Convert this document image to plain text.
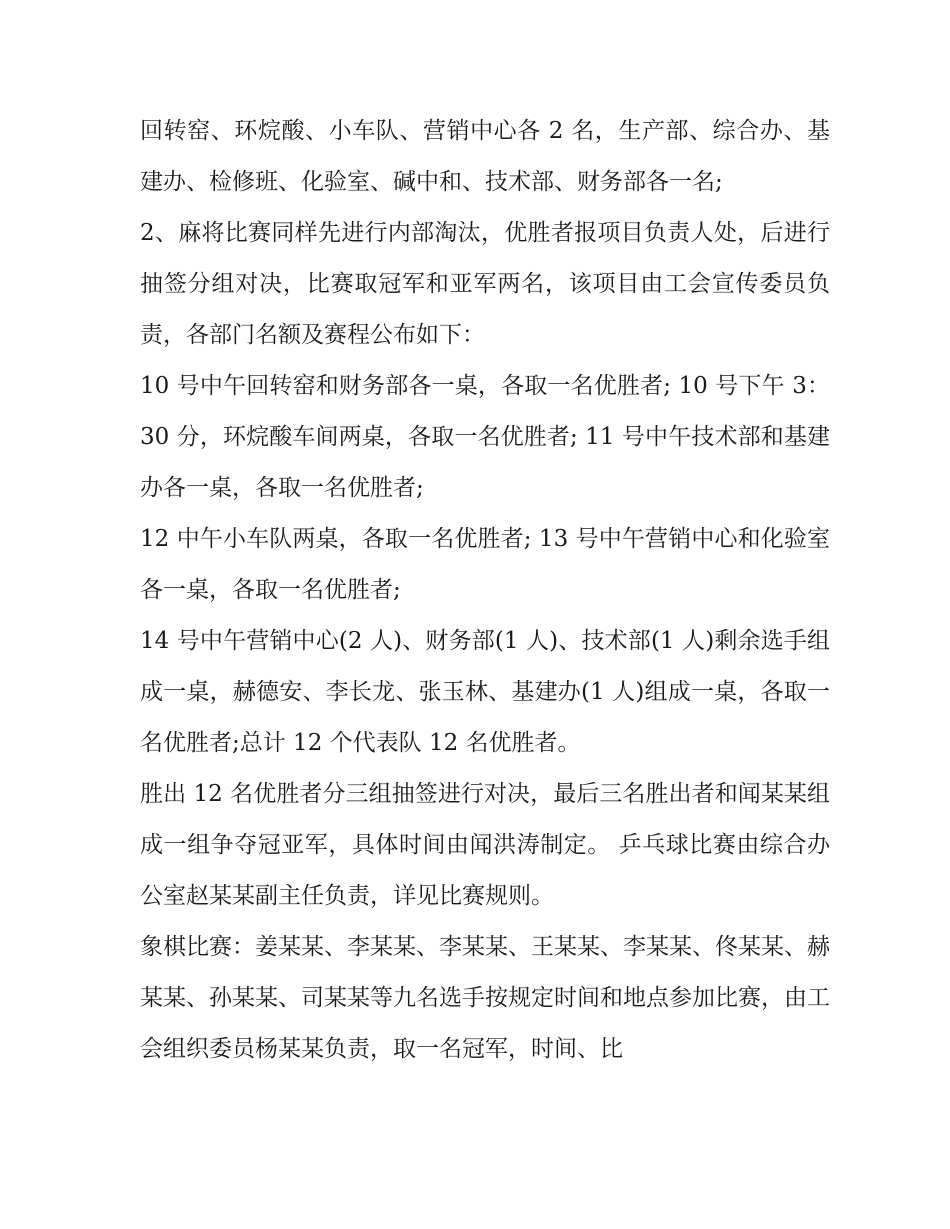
回转窑、环烷酸、小车队、营销中心各 2 名，生产部、综合办、基建办、检修班、化验室、碱中和、技术部、财务部各一名;

2、麻将比赛同样先进行内部淘汰，优胜者报项目负责人处，后进行抽签分组对决，比赛取冠军和亚军两名，该项目由工会宣传委员负责，各部门名额及赛程公布如下：

10 号中午回转窑和财务部各一桌，各取一名优胜者; 10 号下午 3：30 分，环烷酸车间两桌，各取一名优胜者; 11 号中午技术部和基建办各一桌，各取一名优胜者;

12 中午小车队两桌，各取一名优胜者; 13 号中午营销中心和化验室各一桌，各取一名优胜者;

14 号中午营销中心(2 人)、财务部(1 人)、技术部(1 人)剩余选手组成一桌，赫德安、李长龙、张玉林、基建办(1 人)组成一桌，各取一名优胜者;总计 12 个代表队 12 名优胜者。

胜出 12 名优胜者分三组抽签进行对决，最后三名胜出者和闻某某组成一组争夺冠亚军，具体时间由闻洪涛制定。 乒乓球比赛由综合办公室赵某某副主任负责，详见比赛规则。

象棋比赛：姜某某、李某某、李某某、王某某、李某某、佟某某、赫某某、孙某某、司某某等九名选手按规定时间和地点参加比赛，由工会组织委员杨某某负责，取一名冠军，时间、比
